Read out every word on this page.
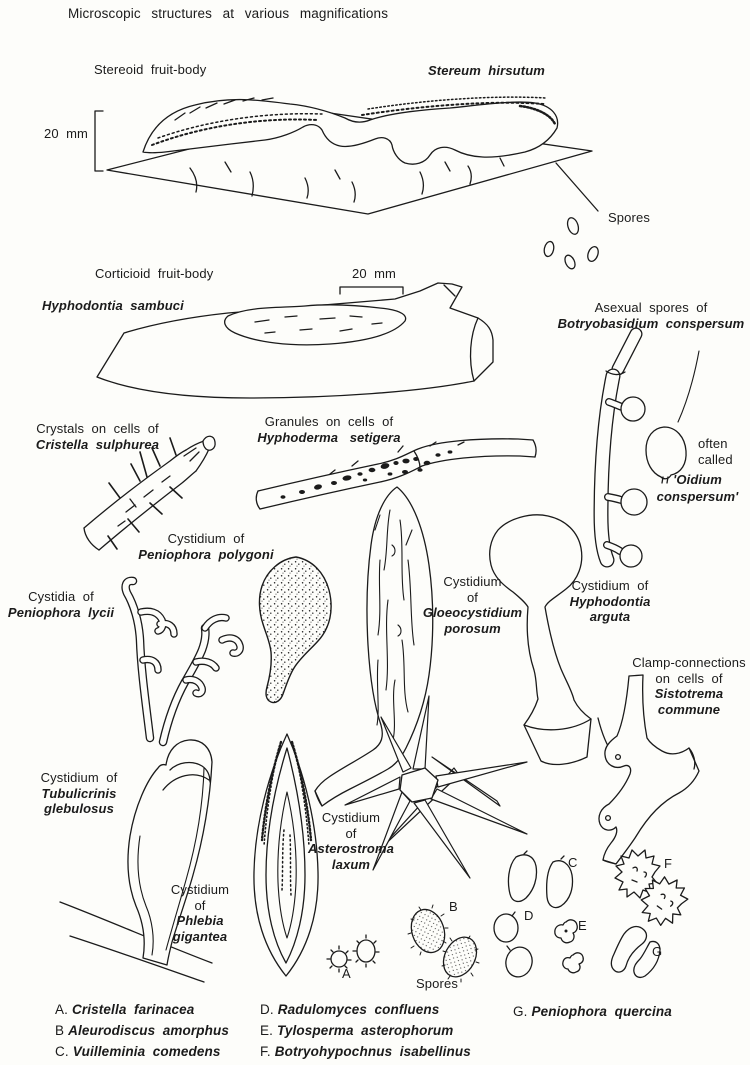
Microscopic structures at various magnifications
Stereoid fruit-body	Stereum hirsutum
20 mm
Spores
Corticioid fruit-body	20 mm
Hyphodontia sambuci	Asexual spores of
Botryobasidium conspersum
often
called
'Oidium
conspersum'
Crystals on cells of
Cristella sulphurea
Granules on cells of
Hyphoderma setigera
Cystidium of
Peniophora polygoni
Cystidia of
Peniophora lycii
Cystidium
of
Gloeocystidium
porosum
Cystidium of
Hyphodontia
arguta
Clamp-connections
on cells of
Sistotrema
commune
Cystidium of
Tubulicrinis
glebulosus
Cystidium
of
Asterostroma
laxum
Cystidium
of
Phlebia
gigantea
A
B
C
D
E
F
G
Spores
A. Cristella farinacea
B Aleurodiscus amorphus
C. Vuilleminia comedens
D. Radulomyces confluens
E. Tylosperma asterophorum
F. Botryohypochnus isabellinus
G. Peniophora quercina
